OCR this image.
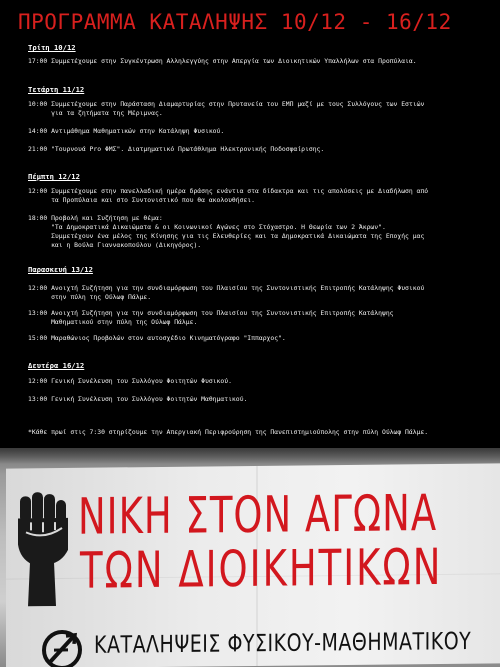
ΠΡΟΓΡΑΜΜΑ ΚΑΤΑΛΗΨΗΣ 10/12 - 16/12
Τρίτη 10/12
17:00 Συμμετέχουμε στην Συγκέντρωση Αλληλεγγύης στην Απεργία των Διοικητικών Υπαλλήλων στα Προπύλαια.
Τετάρτη 11/12
10:00 Συμμετέχουμε στην Παράσταση Διαμαρτυρίας στην Πρυτανεία του ΕΜΠ μαζί με τους Συλλόγους των Εστιών
για τα ζητήματα της Μέριμνας.
14:00 Αντιμάθημα Μαθηματικών στην Κατάληψη Φυσικού.
21:00 "Τουρνουά Pro ΦΜΣ". Διατμηματικό Πρωτάθλημα Ηλεκτρονικής Ποδοσφαίρισης.
Πέμπτη 12/12
12:00 Συμμετέχουμε στην πανελλαδική ημέρα δράσης ενάντια στα δίδακτρα και τις απολύσεις με Διαδήλωση από
τα Προπύλαια και στο Συντονιστικό που θα ακολουθήσει.
18:00 Προβολή και Συζήτηση με θέμα:
"Τα Δημοκρατικά Δικαιώματα & οι Κοινωνικοί Αγώνες στο Στόχαστρο. Η Θεωρία των 2 Άκρων".
Συμμετέχουν ένα μέλος της Κίνησης για τις Ελευθερίες και τα Δημοκρατικά Δικαιώματα της Εποχής μας
και η Βούλα Γιαννακοπούλου (Δικηγόρος).
Παρασκευή 13/12
12:00 Ανοιχτή Συζήτηση για την συνδιαμόρφωση του Πλαισίου της Συντονιστικής Επιτροπής Κατάληψης Φυσικού
στην πύλη της Ούλωφ Πάλμε.
13:00 Ανοιχτή Συζήτηση για την συνδιαμόρφωση του Πλαισίου της Συντονιστικής Επιτροπής Κατάληψης
Μαθηματικού στην πύλη της Ούλωφ Πάλμε.
15:00 Μαραθώνιος Προβολών στον αυτοσχέδιο Κινηματόγραφο "Ιππαρχος".
Δευτέρα 16/12
12:00 Γενική Συνέλευση του Συλλόγου Φοιτητών Φυσικού.
13:00 Γενική Συνέλευση του Συλλόγου Φοιτητών Μαθηματικού.
*Κάθε πρωί στις 7:30 στηρίζουμε την Απεργιακή Περιφρούρηση της Πανεπιστημιούπολης στην πύλη Ούλωφ Πάλμε.
ΝΙΚΗ ΣΤΟΝ ΑΓΩΝΑ
ΤΩΝ ΔΙΟΙΚΗΤΙΚΩΝ
ΚΑΤΑΛΗΨΕΙΣ ΦΥΣΙΚΟΥ-ΜΑΘΗΜΑΤΙΚΟΥ
